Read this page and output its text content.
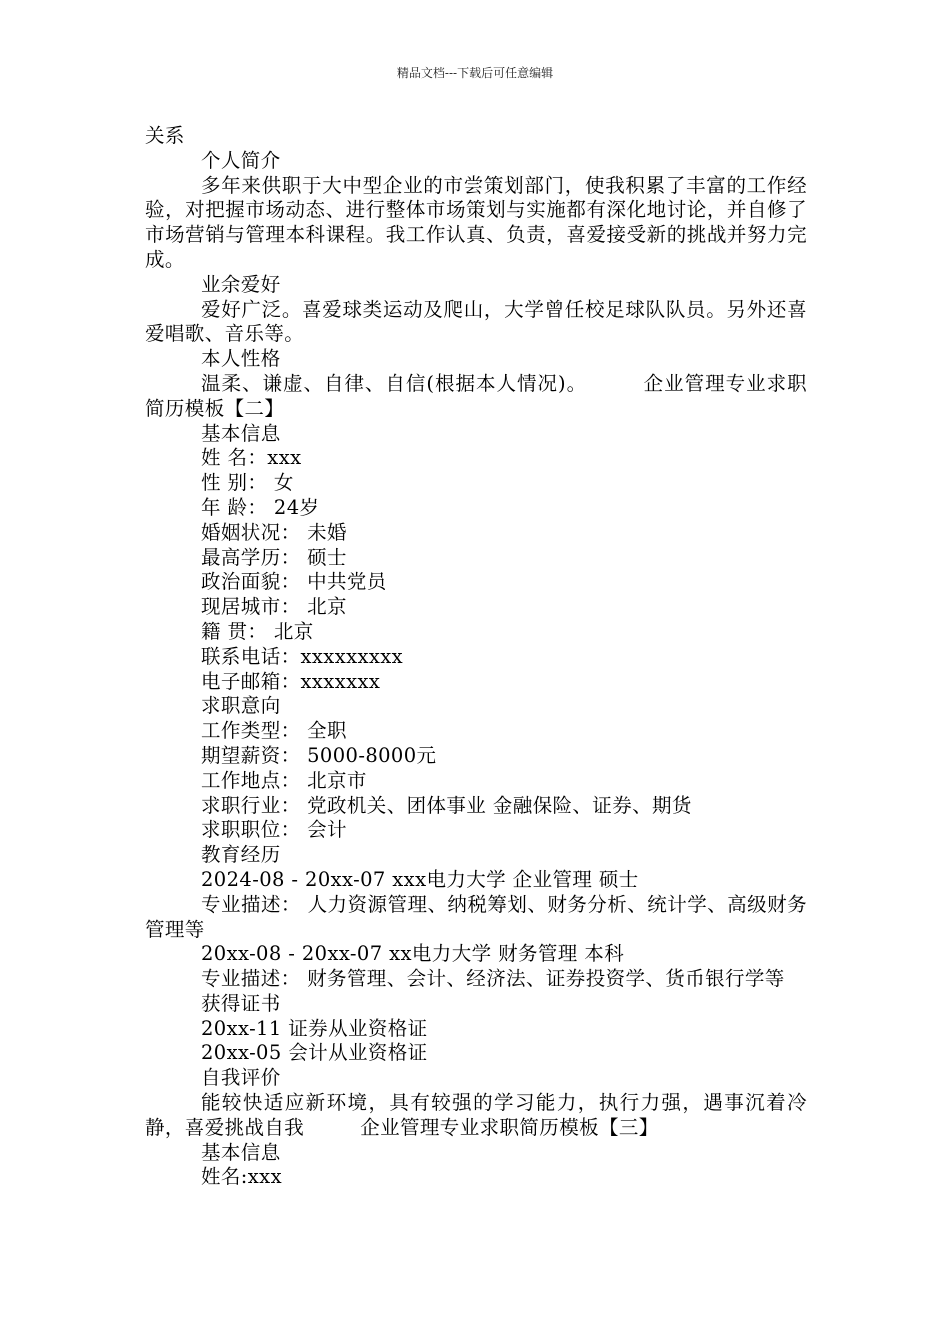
精品文档---下载后可任意编辑

关系

个人简介

多年来供职于大中型企业的市尝策划部门，使我积累了丰富的工作经验，对把握市场动态、进行整体市场策划与实施都有深化地讨论，并自修了市场营销与管理本科课程。我工作认真、负责，喜爱接受新的挑战并努力完成。

业余爱好

爱好广泛。喜爱球类运动及爬山，大学曾任校足球队队员。另外还喜爱唱歌、音乐等。

本人性格

温柔、谦虚、自律、自信(根据本人情况)。	企业管理专业求职简历模板【二】

基本信息

姓 名：xxx

性 别： 女

年 龄： 24岁

婚姻状况： 未婚

最高学历： 硕士

政治面貌： 中共党员

现居城市： 北京

籍 贯： 北京

联系电话：xxxxxxxxx

电子邮箱：xxxxxxx

求职意向

工作类型： 全职

期望薪资： 5000-8000元

工作地点： 北京市

求职行业： 党政机关、团体事业 金融保险、证券、期货

求职职位： 会计

教育经历

2024-08 - 20xx-07 xxx电力大学 企业管理 硕士

专业描述： 人力资源管理、纳税筹划、财务分析、统计学、高级财务管理等

20xx-08 - 20xx-07 xx电力大学 财务管理 本科

专业描述： 财务管理、会计、经济法、证券投资学、货币银行学等

获得证书

20xx-11 证券从业资格证

20xx-05 会计从业资格证

自我评价

能较快适应新环境，具有较强的学习能力，执行力强，遇事沉着冷静，喜爱挑战自我	企业管理专业求职简历模板【三】

基本信息

姓名:xxx
